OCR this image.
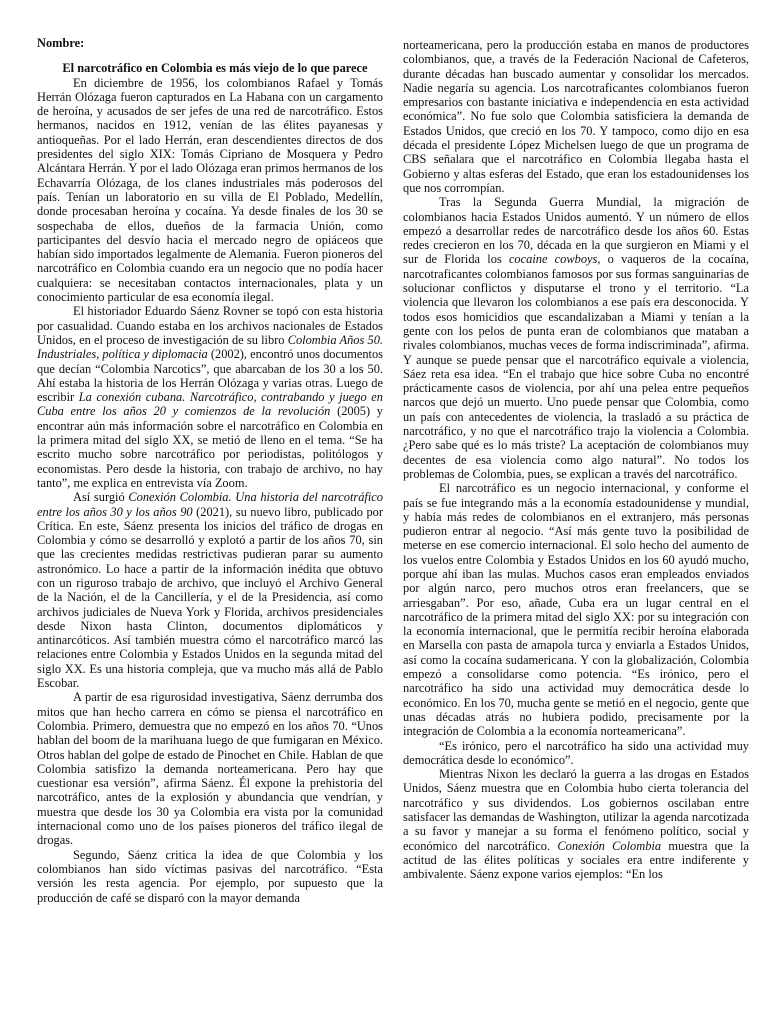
Nombre:

El narcotráfico en Colombia es más viejo de lo que parece

En diciembre de 1956, los colombianos Rafael y Tomás Herrán Olózaga fueron capturados en La Habana con un cargamento de heroína, y acusados de ser jefes de una red de narcotráfico. Estos hermanos, nacidos en 1912, venían de las élites payanesas y antioqueñas. Por el lado Herrán, eran descendientes directos de dos presidentes del siglo XIX: Tomás Cipriano de Mosquera y Pedro Alcántara Herrán. Y por el lado Olózaga eran primos hermanos de los Echavarría Olózaga, de los clanes industriales más poderosos del país. Tenían un laboratorio en su villa de El Poblado, Medellín, donde procesaban heroína y cocaína. Ya desde finales de los 30 se sospechaba de ellos, dueños de la farmacia Unión, como participantes del desvío hacia el mercado negro de opiáceos que habían sido importados legalmente de Alemania. Fueron pioneros del narcotráfico en Colombia cuando era un negocio que no podía hacer cualquiera: se necesitaban contactos internacionales, plata y un conocimiento particular de esa economía ilegal.

El historiador Eduardo Sáenz Rovner se topó con esta historia por casualidad. Cuando estaba en los archivos nacionales de Estados Unidos, en el proceso de investigación de su libro Colombia Años 50. Industriales, política y diplomacia (2002), encontró unos documentos que decían “Colombia Narcotics”, que abarcaban de los 30 a los 50. Ahí estaba la historia de los Herrán Olózaga y varias otras. Luego de escribir La conexión cubana. Narcotráfico, contrabando y juego en Cuba entre los años 20 y comienzos de la revolución (2005) y encontrar aún más información sobre el narcotráfico en Colombia en la primera mitad del siglo XX, se metió de lleno en el tema. “Se ha escrito mucho sobre narcotráfico por periodistas, politólogos y economistas. Pero desde la historia, con trabajo de archivo, no hay tanto”, me explica en entrevista vía Zoom.

Así surgió Conexión Colombia. Una historia del narcotráfico entre los años 30 y los años 90 (2021), su nuevo libro, publicado por Crítica. En este, Sáenz presenta los inicios del tráfico de drogas en Colombia y cómo se desarrolló y explotó a partir de los años 70, sin que las crecientes medidas restrictivas pudieran parar su aumento astronómico. Lo hace a partir de la información inédita que obtuvo con un riguroso trabajo de archivo, que incluyó el Archivo General de la Nación, el de la Cancillería, y el de la Presidencia, así como archivos judiciales de Nueva York y Florida, archivos presidenciales desde Nixon hasta Clinton, documentos diplomáticos y antinarcóticos. Así también muestra cómo el narcotráfico marcó las relaciones entre Colombia y Estados Unidos en la segunda mitad del siglo XX. Es una historia compleja, que va mucho más allá de Pablo Escobar.

A partir de esa rigurosidad investigativa, Sáenz derrumba dos mitos que han hecho carrera en cómo se piensa el narcotráfico en Colombia. Primero, demuestra que no empezó en los años 70. “Unos hablan del boom de la marihuana luego de que fumigaran en México. Otros hablan del golpe de estado de Pinochet en Chile. Hablan de que Colombia satisfizo la demanda norteamericana. Pero hay que cuestionar esa versión”, afirma Sáenz. Él expone la prehistoria del narcotráfico, antes de la explosión y abundancia que vendrían, y muestra que desde los 30 ya Colombia era vista por la comunidad internacional como uno de los países pioneros del tráfico ilegal de drogas.

Segundo, Sáenz critica la idea de que Colombia y los colombianos han sido víctimas pasivas del narcotráfico. “Esta versión les resta agencia. Por ejemplo, por supuesto que la producción de café se disparó con la mayor demanda

norteamericana, pero la producción estaba en manos de productores colombianos, que, a través de la Federación Nacional de Cafeteros, durante décadas han buscado aumentar y consolidar los mercados. Nadie negaría su agencia. Los narcotraficantes colombianos fueron empresarios con bastante iniciativa e independencia en esta actividad económica”. No fue solo que Colombia satisficiera la demanda de Estados Unidos, que creció en los 70. Y tampoco, como dijo en esa década el presidente López Michelsen luego de que un programa de CBS señalara que el narcotráfico en Colombia llegaba hasta el Gobierno y altas esferas del Estado, que eran los estadounidenses los que nos corrompían.

Tras la Segunda Guerra Mundial, la migración de colombianos hacia Estados Unidos aumentó. Y un número de ellos empezó a desarrollar redes de narcotráfico desde los años 60. Estas redes crecieron en los 70, década en la que surgieron en Miami y el sur de Florida los cocaine cowboys, o vaqueros de la cocaína, narcotraficantes colombianos famosos por sus formas sanguinarias de solucionar conflictos y disputarse el trono y el territorio. “La violencia que llevaron los colombianos a ese país era desconocida. Y todos esos homicidios que escandalizaban a Miami y tenían a la gente con los pelos de punta eran de colombianos que mataban a rivales colombianos, muchas veces de forma indiscriminada”, afirma. Y aunque se puede pensar que el narcotráfico equivale a violencia, Sáez reta esa idea. “En el trabajo que hice sobre Cuba no encontré prácticamente casos de violencia, por ahí una pelea entre pequeños narcos que dejó un muerto. Uno puede pensar que Colombia, como un país con antecedentes de violencia, la trasladó a su práctica de narcotráfico, y no que el narcotráfico trajo la violencia a Colombia. ¿Pero sabe qué es lo más triste? La aceptación de colombianos muy decentes de esa violencia como algo natural”. No todos los problemas de Colombia, pues, se explican a través del narcotráfico.

El narcotráfico es un negocio internacional, y conforme el país se fue integrando más a la economía estadounidense y mundial, y había más redes de colombianos en el extranjero, más personas pudieron entrar al negocio. “Así más gente tuvo la posibilidad de meterse en ese comercio internacional. El solo hecho del aumento de los vuelos entre Colombia y Estados Unidos en los 60 ayudó mucho, porque ahí iban las mulas. Muchos casos eran empleados enviados por algún narco, pero muchos otros eran freelancers, que se arriesgaban”. Por eso, añade, Cuba era un lugar central en el narcotráfico de la primera mitad del siglo XX: por su integración con la economía internacional, que le permitía recibir heroína elaborada en Marsella con pasta de amapola turca y enviarla a Estados Unidos, así como la cocaína sudamericana. Y con la globalización, Colombia empezó a consolidarse como potencia. “Es irónico, pero el narcotráfico ha sido una actividad muy democrática desde lo económico. En los 70, mucha gente se metió en el negocio, gente que unas décadas atrás no hubiera podido, precisamente por la integración de Colombia a la economía norteamericana”.

“Es irónico, pero el narcotráfico ha sido una actividad muy democrática desde lo económico”.

Mientras Nixon les declaró la guerra a las drogas en Estados Unidos, Sáenz muestra que en Colombia hubo cierta tolerancia del narcotráfico y sus dividendos. Los gobiernos oscilaban entre satisfacer las demandas de Washington, utilizar la agenda narcotizada a su favor y manejar a su forma el fenómeno político, social y económico del narcotráfico. Conexión Colombia muestra que la actitud de las élites políticas y sociales era entre indiferente y ambivalente. Sáenz expone varios ejemplos: “En los
